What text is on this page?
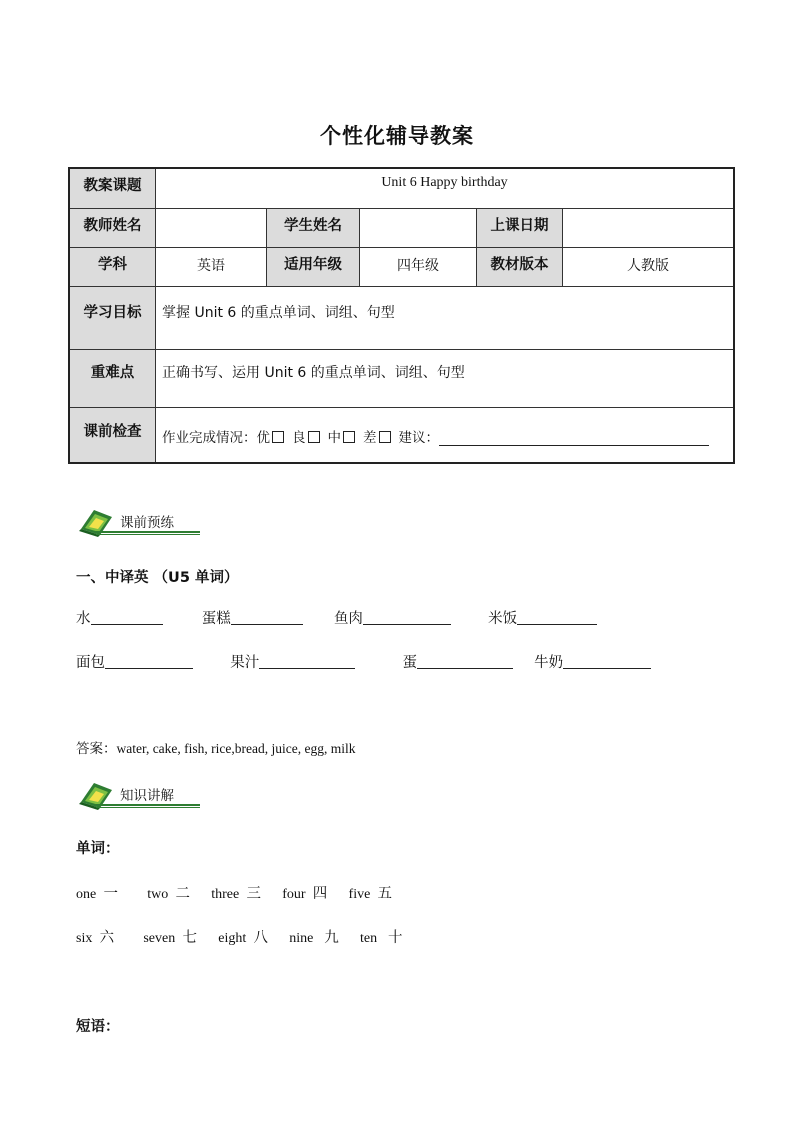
个性化辅导教案
教案课题	Unit 6 Happy birthday				
教师姓名		学生姓名		上课日期	
学科	英语	适用年级	四年级	教材版本	人教版
学习目标	掌握 Unit 6 的重点单词、词组、句型				
重难点	正确书写、运用 Unit 6 的重点单词、词组、句型				
课前检查	作业完成情况：优 良 中 差 建议：				
课前预练
一、中译英 （U5 单词）
水	蛋糕	鱼肉	米饭
面包	果汁	蛋	牛奶
答案：water, cake, fish, rice,bread, juice, egg, milk
知识讲解
单词：
one 一 two 二 three 三 four 四 five 五
six 六 seven 七 eight 八 nine 九 ten 十
短语：
